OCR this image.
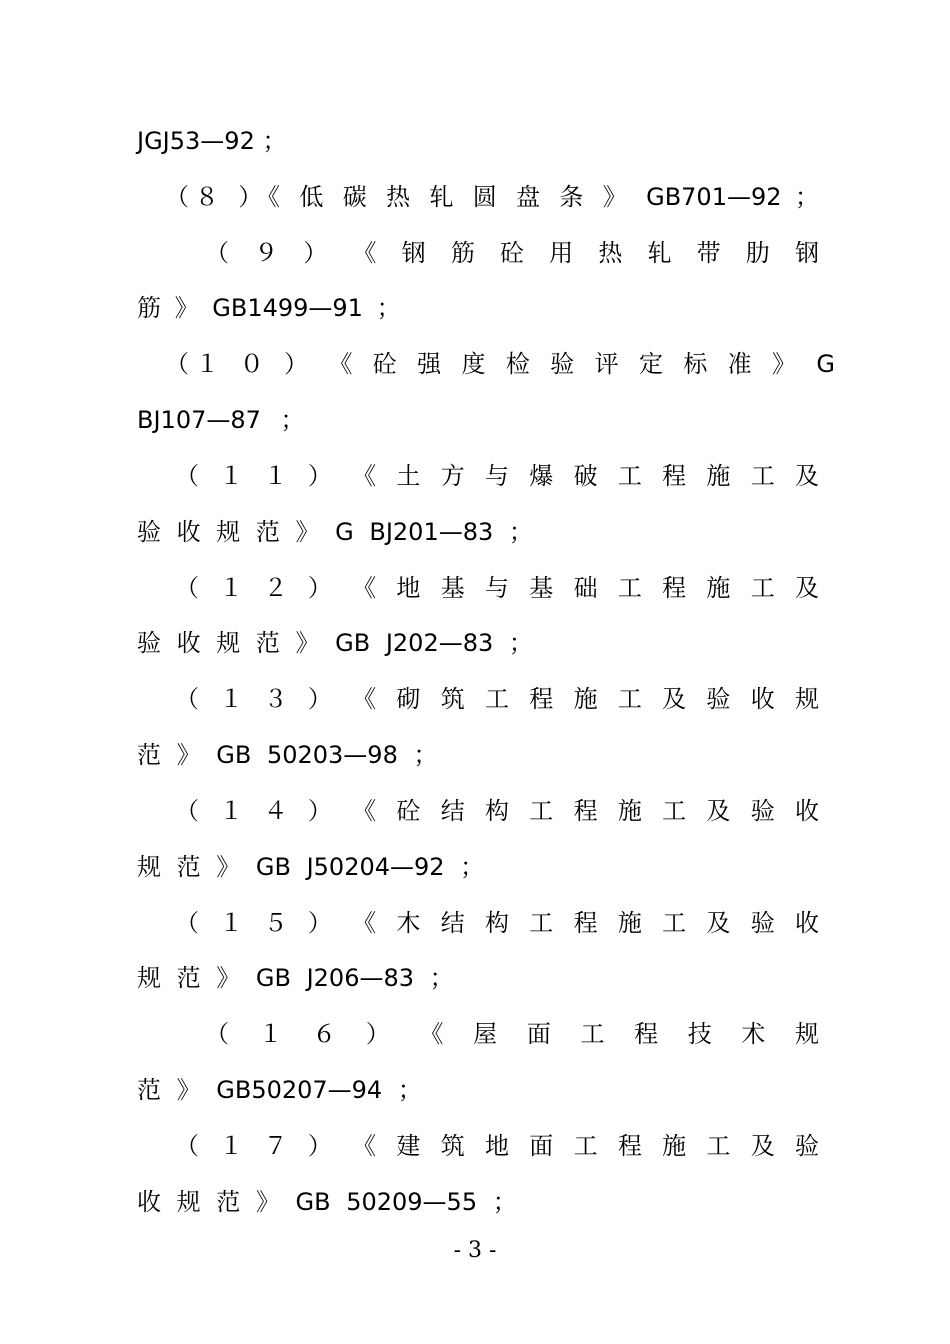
JGJ53—92 ；
（８ ）《 低 碳 热 轧 圆 盘 条 》 GB701—92 ；
（ ９ ） 《 钢 筋 砼 用 热 轧 带 肋 钢
筋 》 GB1499—91 ；
（１ ０ ） 《 砼 强 度 检 验 评 定 标 准 》 G
BJ107—87 ；
（ １ １ ） 《 土 方 与 爆 破 工 程 施 工 及
验 收 规 范 》 G BJ201—83 ；
（ １ ２ ） 《 地 基 与 基 础 工 程 施 工 及
验 收 规 范 》 GB J202—83 ；
（ １ ３ ） 《 砌 筑 工 程 施 工 及 验 收 规
范 》 GB 50203—98 ；
（ １ ４ ） 《 砼 结 构 工 程 施 工 及 验 收
规 范 》 GB J50204—92 ；
（ １ ５ ） 《 木 结 构 工 程 施 工 及 验 收
规 范 》 GB J206—83 ；
（ １ ６ ） 《 屋 面 工 程 技 术 规
范 》 GB50207—94 ；
（ １ ７ ） 《 建 筑 地 面 工 程 施 工 及 验
收 规 范 》 GB 50209—55 ；
- 3 -
